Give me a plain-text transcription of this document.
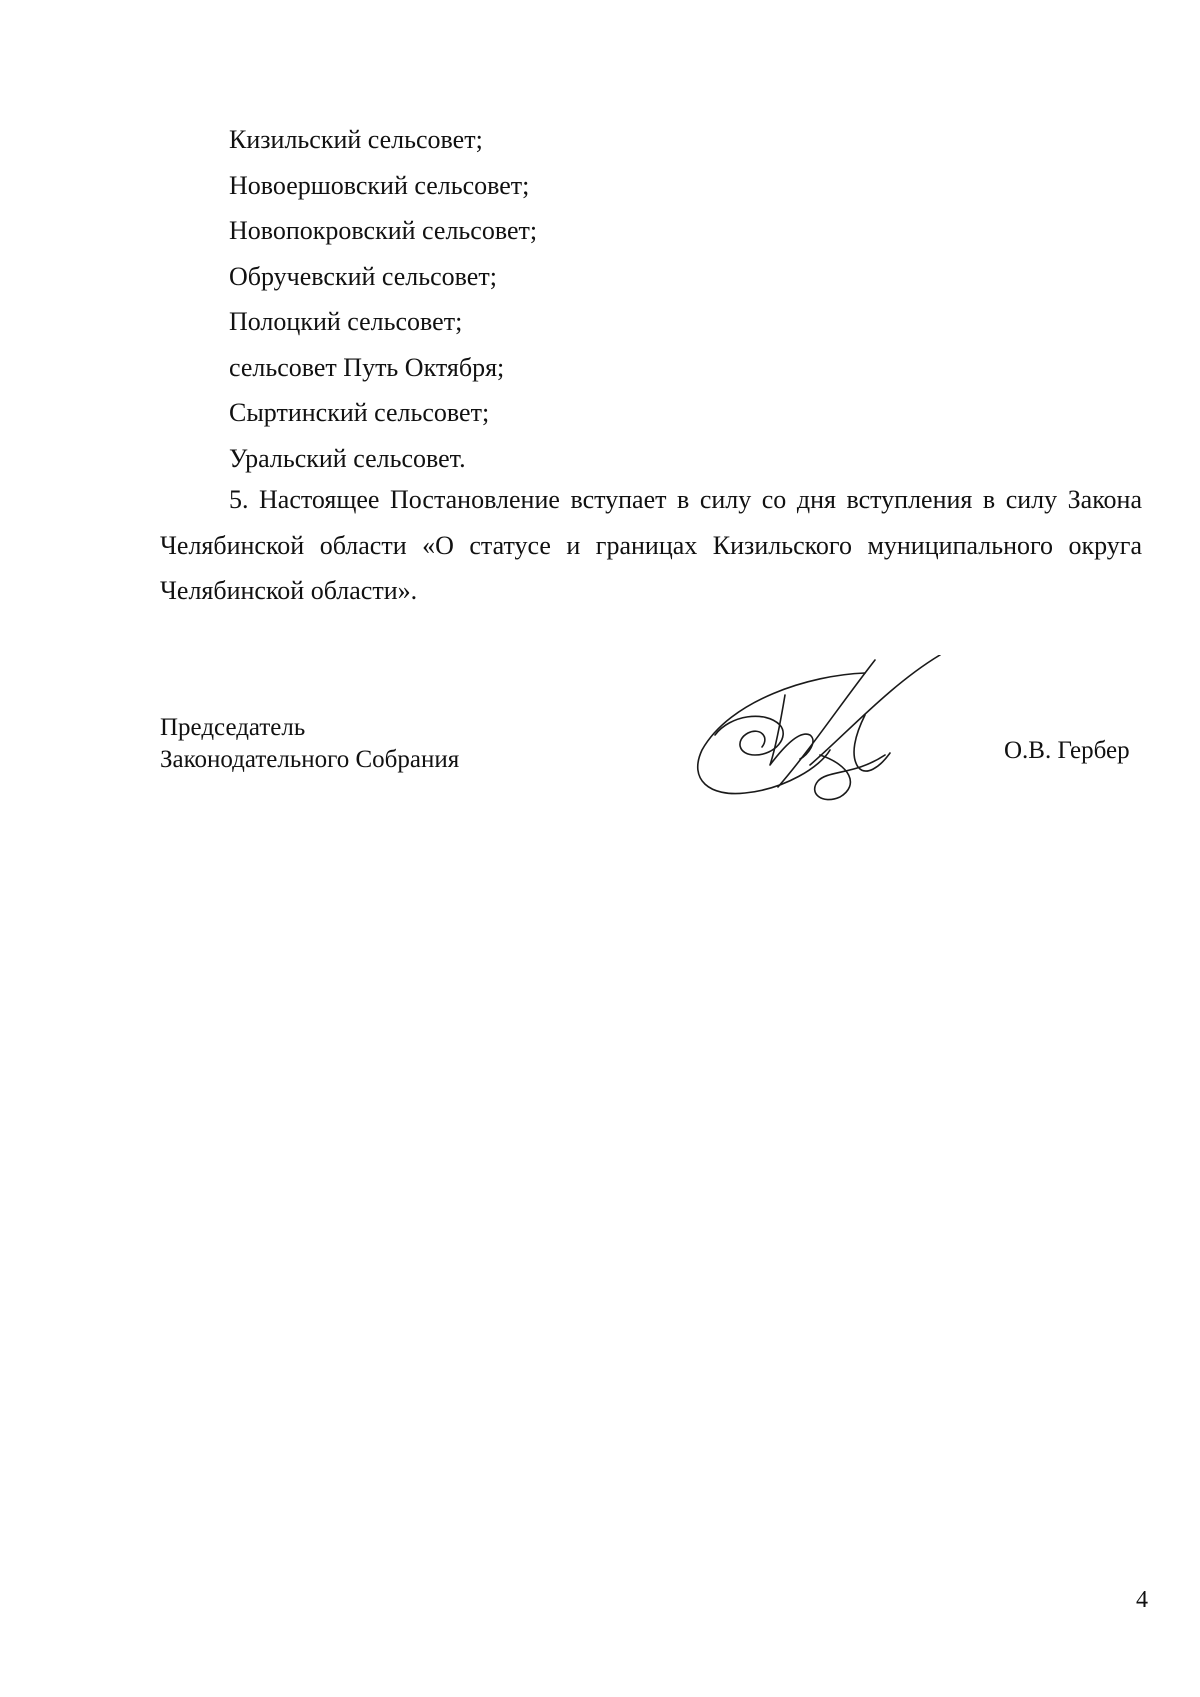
Кизильский сельсовет;
Новоершовский сельсовет;
Новопокровский сельсовет;
Обручевский сельсовет;
Полоцкий сельсовет;
сельсовет Путь Октября;
Сыртинский сельсовет;
Уральский сельсовет.

5. Настоящее Постановление вступает в силу со дня вступления в силу Закона Челябинской области «О статусе и границах Кизильского муниципального округа Челябинской области».

Председатель
Законодательного Собрания	О.В. Гербер
4
